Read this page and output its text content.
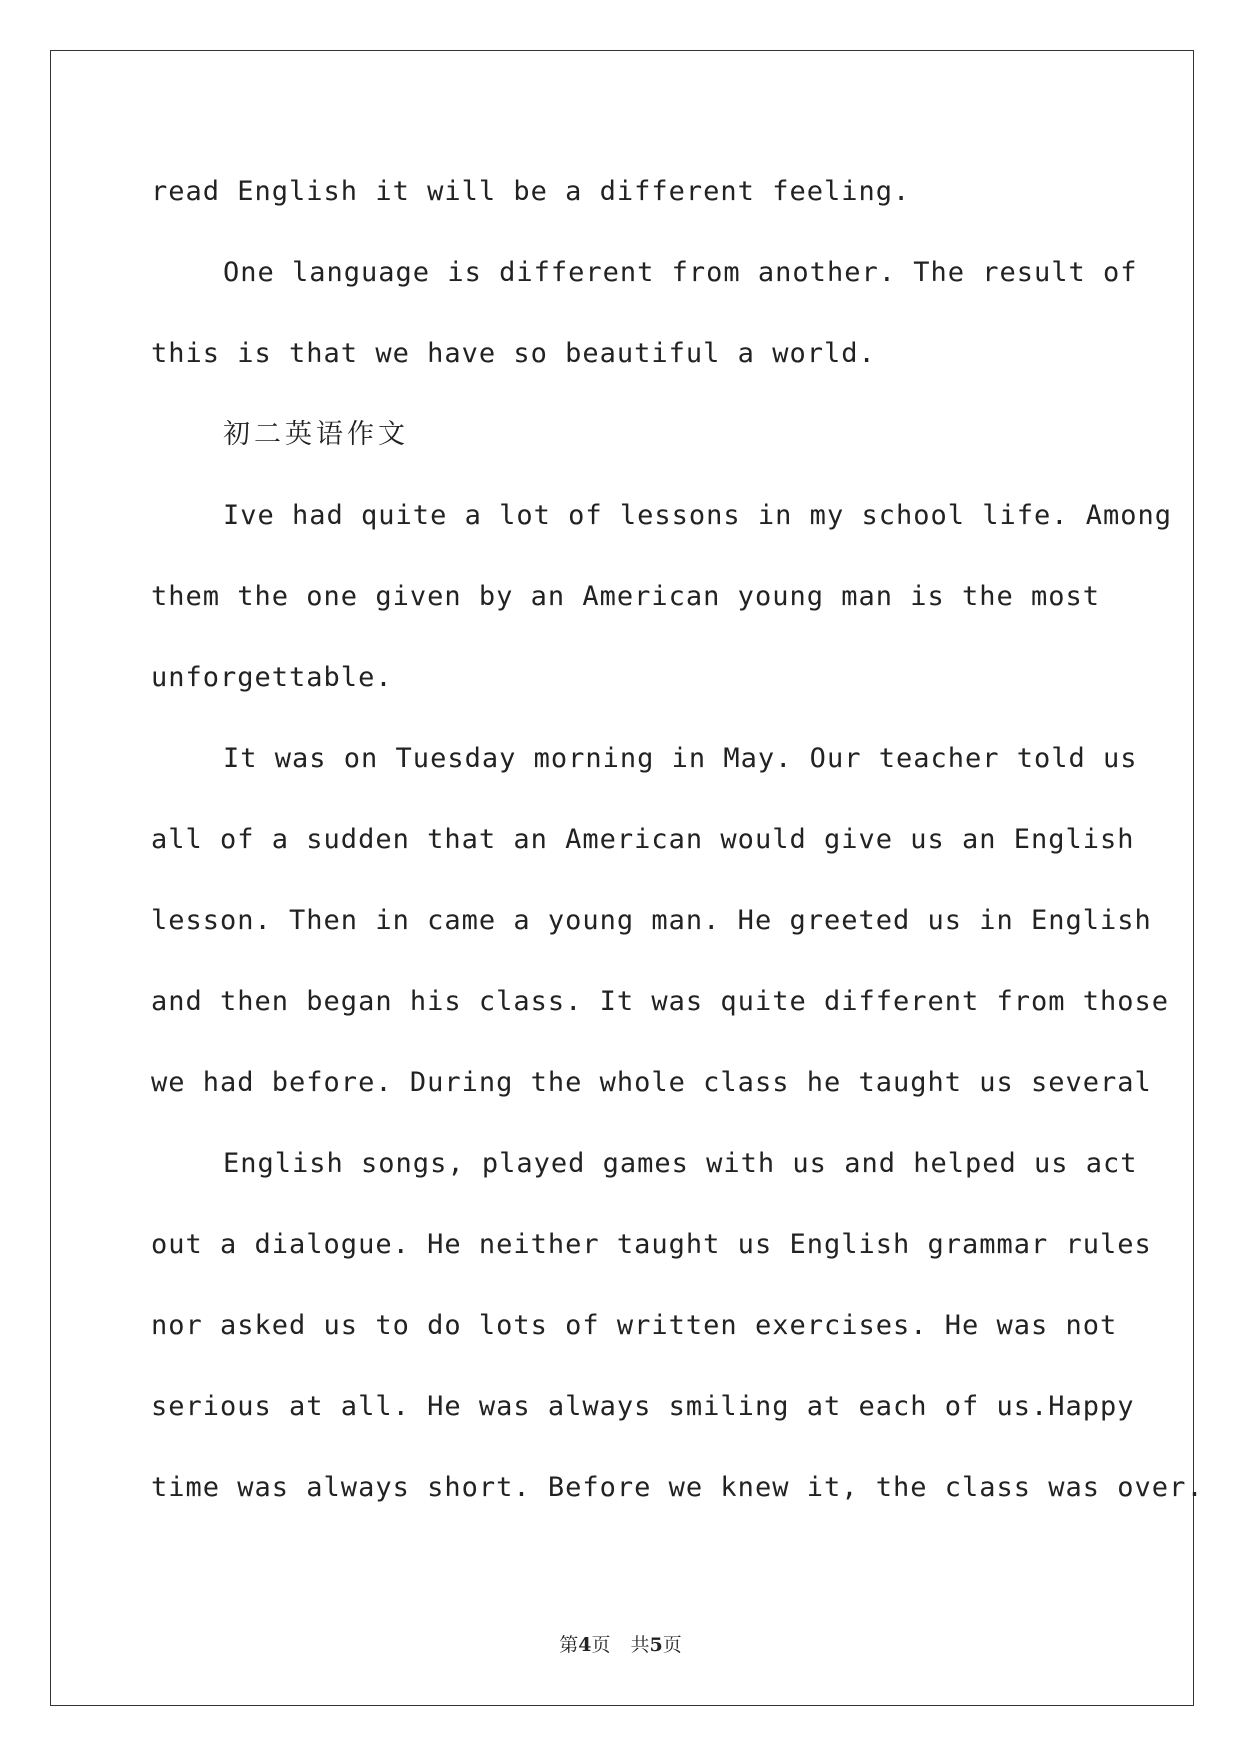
read English it will be a different feeling.
One language is different from another. The result of
this is that we have so beautiful a world.
初二英语作文
Ive had quite a lot of lessons in my school life. Among
them the one given by an American young man is the most
unforgettable.
It was on Tuesday morning in May. Our teacher told us
all of a sudden that an American would give us an English
lesson. Then in came a young man. He greeted us in English
and then began his class. It was quite different from those
we had before. During the whole class he taught us several
English songs, played games with us and helped us act
out a dialogue. He neither taught us English grammar rules
nor asked us to do lots of written exercises. He was not
serious at all. He was always smiling at each of us.Happy
time was always short. Before we knew it, the class was over.
第4页 共5页
